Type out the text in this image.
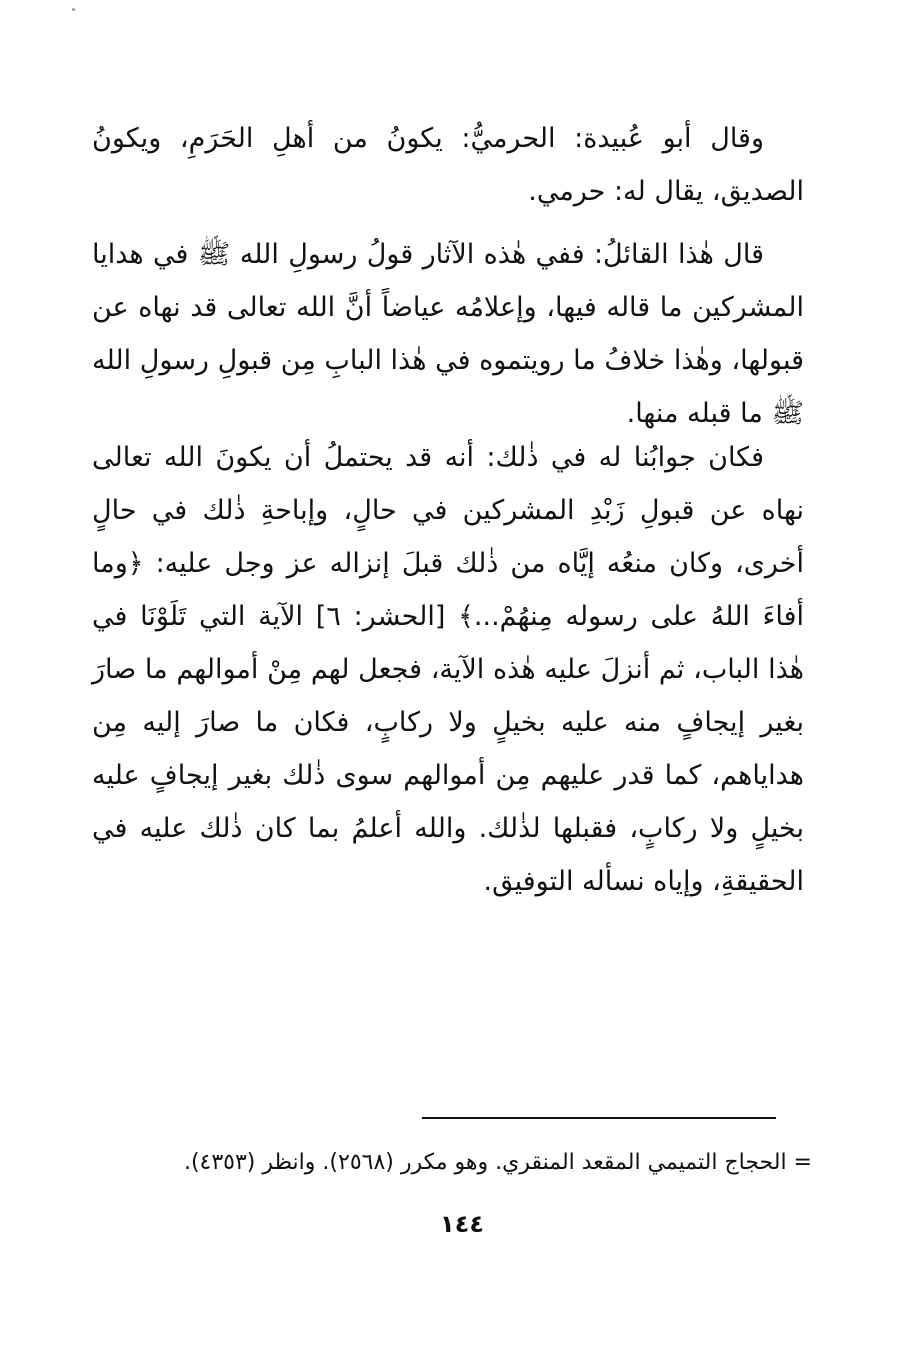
وقال أبو عُبيدة: الحرميُّ: يكونُ من أهلِ الحَرَمِ، ويكونُ الصديق، يقال له: حرمي.

قال هٰذا القائلُ: ففي هٰذه الآثار قولُ رسولِ الله ﷺ في هدايا المشركين ما قاله فيها، وإعلامُه عياضاً أنَّ الله تعالى قد نهاه عن قبولها، وهٰذا خلافُ ما رويتموه في هٰذا البابِ مِن قبولِ رسولِ الله ﷺ ما قبله منها.

فكان جوابُنا له في ذٰلك: أنه قد يحتملُ أن يكونَ الله تعالى نهاه عن قبولِ زَبْدِ المشركين في حالٍ، وإباحةِ ذٰلك في حالٍ أخرى، وكان منعُه إيَّاه من ذٰلك قبلَ إنزاله عز وجل عليه: ﴿وما أفاءَ اللهُ على رسوله مِنهُمْ...﴾ [الحشر: ٦] الآية التي تَلَوْنَا في هٰذا الباب، ثم أنزلَ عليه هٰذه الآية، فجعل لهم مِنْ أموالهم ما صارَ بغير إيجافٍ منه عليه بخيلٍ ولا ركابٍ، فكان ما صارَ إليه مِن هداياهم، كما قدر عليهم مِن أموالهم سوى ذٰلك بغير إيجافٍ عليه بخيلٍ ولا ركابٍ، فقبلها لذٰلك. والله أعلمُ بما كان ذٰلك عليه في الحقيقةِ، وإياه نسأله التوفيق.

= الحجاج التميمي المقعد المنقري. وهو مكرر (٢٥٦٨). وانظر (٤٣٥٣).
١٤٤
